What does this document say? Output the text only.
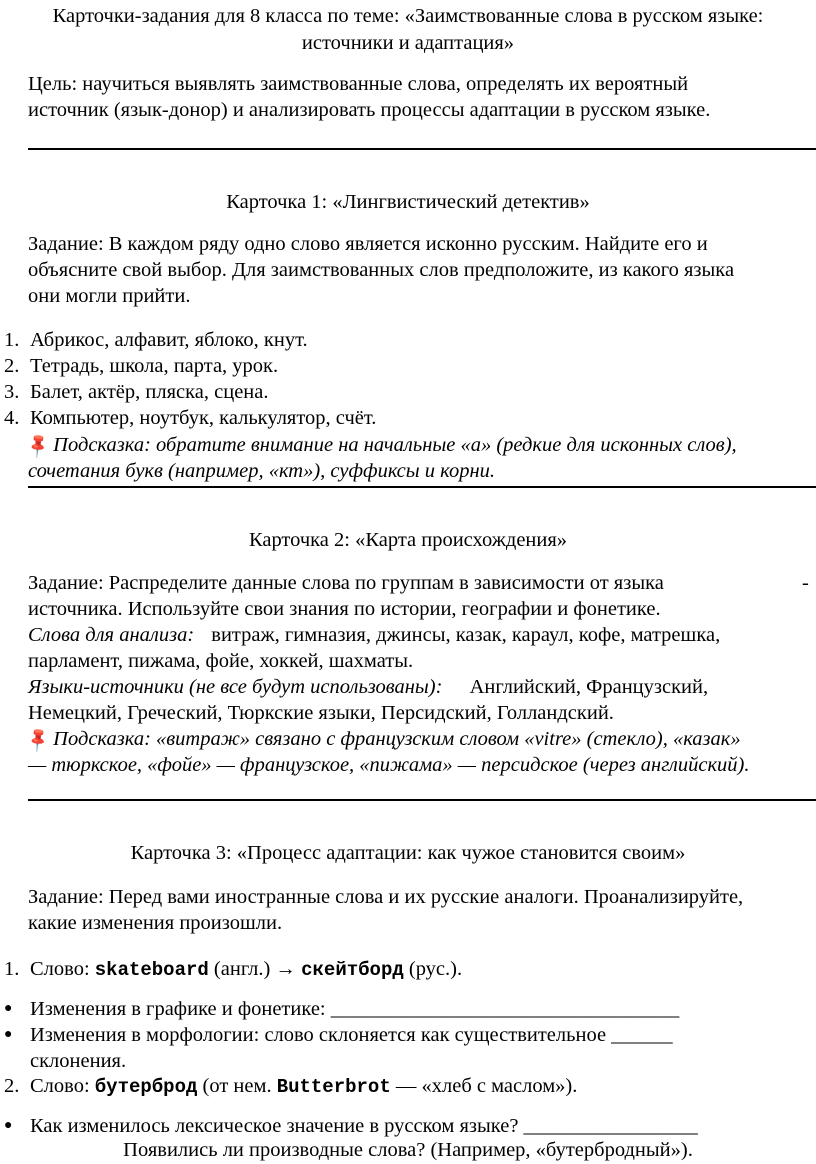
Карточки-задания для 8 класса по теме: «Заимствованные слова в русском языке:
источники и адаптация»
Цель: научиться выявлять заимствованные слова, определять их вероятный
источник (язык-донор) и анализировать процессы адаптации в русском языке.
Карточка 1: «Лингвистический детектив»
Задание: В каждом ряду одно слово является исконно русским. Найдите его и
объясните свой выбор. Для заимствованных слов предположите, из какого языка
они могли прийти.
1. Абрикос, алфавит, яблоко, кнут.
2. Тетрадь, школа, парта, урок.
3. Балет, актёр, пляска, сцена.
4. Компьютер, ноутбук, калькулятор, счёт.
📌Подсказка: обратите внимание на начальные «а» (редкие для исконных слов),
сочетания букв (например, «кт»), суффиксы и корни.
Карточка 2: «Карта происхождения»
Задание: Распределите данные слова по группам в зависимости от языка	-
источника. Используйте свои знания по истории, географии и фонетике.
Слова для анализа: витраж, гимназия, джинсы, казак, караул, кофе, матрешка,
парламент, пижама, фойе, хоккей, шахматы.
Языки-источники (не все будут использованы): Английский, Французский,
Немецкий, Греческий, Тюркские языки, Персидский, Голландский.
📌Подсказка: «витраж» связано с французским словом «vitre» (стекло), «казак»
— тюркское, «фойе» — французское, «пижама» — персидское (через английский).
Карточка 3: «Процесс адаптации: как чужое становится своим»
Задание: Перед вами иностранные слова и их русские аналоги. Проанализируйте,
какие изменения произошли.
1. Слово: skateboard (англ.) → скейтборд (рус.).
● Изменения в графике и фонетике: __________________________________
● Изменения в морфологии: слово склоняется как существительное ______
склонения.
2. Слово: бутерброд (от нем. Butterbrot — «хлеб с маслом»).
● Как изменилось лексическое значение в русском языке? _________________
Появились ли производные слова? (Например, «бутербродный»).
